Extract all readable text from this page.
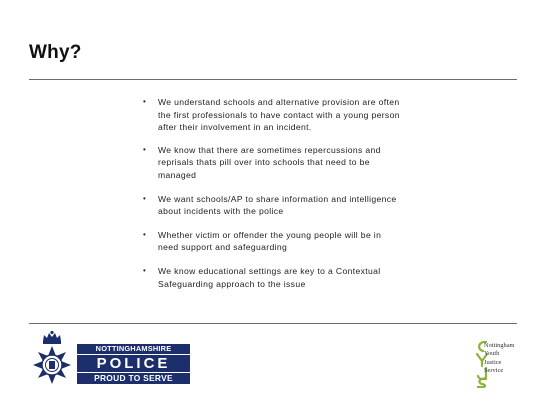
Why?
• We understand schools and alternative provision are often the first professionals to have contact with a young person after their involvement in an incident.
• We know that there are sometimes repercussions and reprisals thats pill over into schools that need to be managed
• We want schools/AP to share information and intelligence about incidents with the police
• Whether victim or offender the young people will be in need support and safeguarding
• We know educational settings are key to a Contextual Safeguarding approach to the issue
NOTTINGHAMSHIRE
POLICE
PROUD TO SERVE
Nottingham
Youth
Justice
Service
